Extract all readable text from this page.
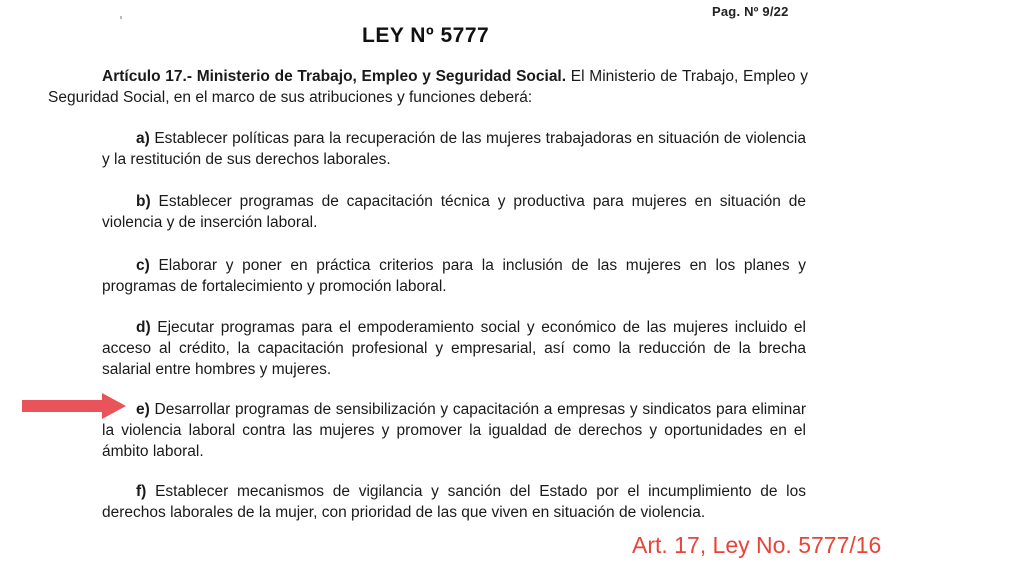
Pag. Nº 9/22
LEY Nº 5777
Artículo 17.- Ministerio de Trabajo, Empleo y Seguridad Social. El Ministerio de Trabajo, Empleo y Seguridad Social, en el marco de sus atribuciones y funciones deberá:
a) Establecer políticas para la recuperación de las mujeres trabajadoras en situación de violencia y la restitución de sus derechos laborales.
b) Establecer programas de capacitación técnica y productiva para mujeres en situación de violencia y de inserción laboral.
c) Elaborar y poner en práctica criterios para la inclusión de las mujeres en los planes y programas de fortalecimiento y promoción laboral.
d) Ejecutar programas para el empoderamiento social y económico de las mujeres incluido el acceso al crédito, la capacitación profesional y empresarial, así como la reducción de la brecha salarial entre hombres y mujeres.
e) Desarrollar programas de sensibilización y capacitación a empresas y sindicatos para eliminar la violencia laboral contra las mujeres y promover la igualdad de derechos y oportunidades en el ámbito laboral.
f) Establecer mecanismos de vigilancia y sanción del Estado por el incumplimiento de los derechos laborales de la mujer, con prioridad de las que viven en situación de violencia.
Art. 17, Ley No. 5777/16
